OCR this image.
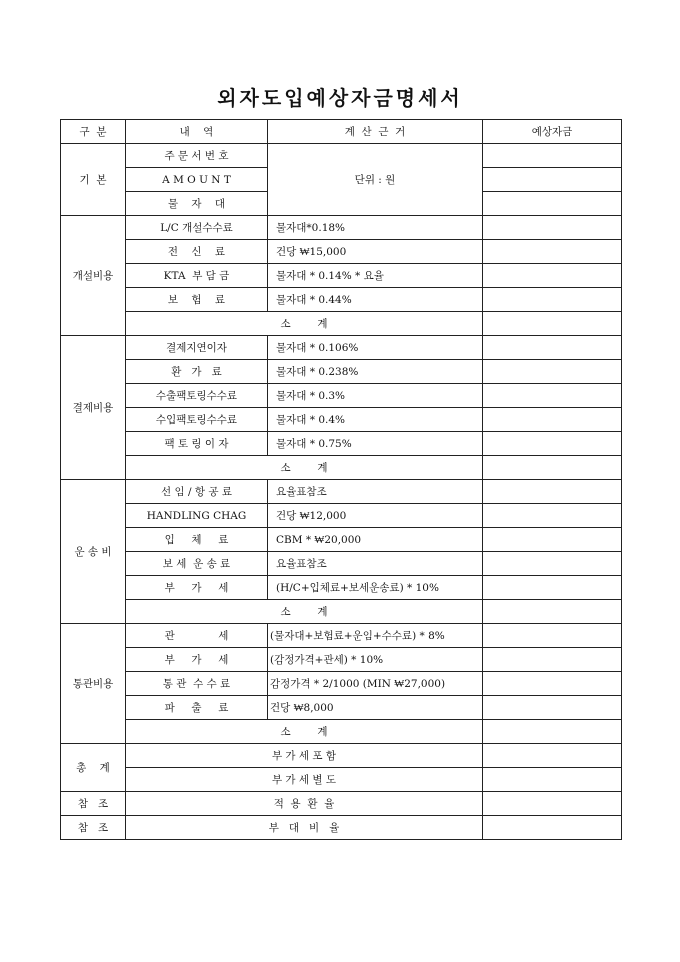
외자도입예상자금명세서
구  분	내    역	계  산  근  거	예상자금
기  본	주 문 서 번 호	단위 : 원	
	A M O U N T		
	물    자    대		
개설비용	L/C 개설수수료	물자대*0.18%	
	전    신    료	건당 ₩15,000	
	KTA  부 담 금	물자대 * 0.14% * 요율	
	보    험    료	물자대 * 0.44%	
	소        계		
결제비용	결제지연이자	물자대 * 0.106%	
	환   가   료	물자대 * 0.238%	
	수출팩토링수수료	물자대 * 0.3%	
	수입팩토링수수료	물자대 * 0.4%	
	팩 토 링 이 자	물자대 * 0.75%	
	소        계		
운 송 비	선 임 / 항 공 료	요율표참조	
	HANDLING CHAG	건당 ₩12,000	
	입     체     료	CBM * ₩20,000	
	보 세  운 송 료	요율표참조	
	부     가     세	(H/C+입체료+보세운송료) * 10%	
	소        계		
통관비용	관             세	(물자대+보험료+운임+수수료) * 8%	
	부     가     세	(감정가격+관세) * 10%	
	통 관  수 수 료	감정가격 * 2/1000 (MIN ₩27,000)	
	파     출     료	건당 ₩8,000	
	소        계		
총    계	부 가 세 포 함		
	부 가 세 별 도		
참   조	적  용  환  율		
참   조	부   대   비   율		
